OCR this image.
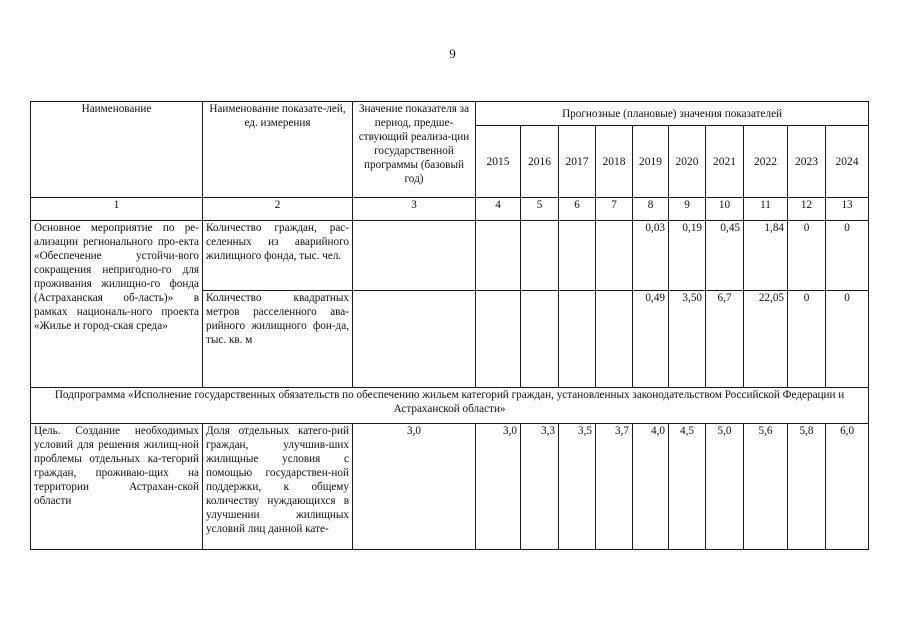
9
Наименование	Наименование показате-лей, ед. измерения	Значение показателя за период, предше-ствующий реализа-ции государственной программы (базовый год)	Прогнозные (плановые) значения показателей									
			2015	2016	2017	2018	2019	2020	2021	2022	2023	2024
1	2	3	4	5	6	7	8	9	10	11	12	13
Основное мероприятие по ре-ализации регионального про-екта «Обеспечение устойчи-вого сокращения непригодно-го для проживания жилищно-го фонда (Астраханская об-ласть)» в рамках националь-ного проекта «Жилье и город-ская среда»	Количество граждан, рас-селенных из аварийного жилищного фонда, тыс. чел.						0,03	0,19	0,45	1,84	0	0
	Количество квадратных метров расселенного ава-рийного жилищного фон-да, тыс. кв. м						0,49	3,50	6,7	22,05	0	0
Подпрограмма «Исполнение государственных обязательств по обеспечению жильем категорий граждан, установленных законодательством Российской Федерации и Астраханской области»												
Цель. Создание необходимых условий для решения жилищ-ной проблемы отдельных ка-тегорий граждан, проживаю-щих на территории Астрахан-ской области	Доля отдельных катего-рий граждан, улучшив-ших жилищные условия с помощью государствен-ной поддержки, к общему количеству нуждающихся в улучшении жилищных условий лиц данной кате-	3,0	3,0	3,3	3,5	3,7	4,0	4,5	5,0	5,6	5,8	6,0
